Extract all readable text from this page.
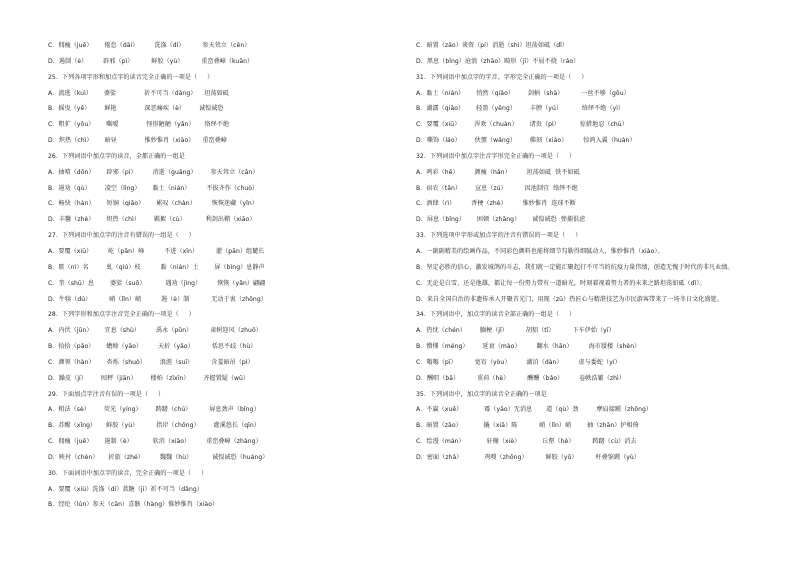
C．佣瘦（juē）      倦怠（dài）        洗涤（dí）         参天耸立（cēn）
D．遏制（è）        辟邪（pì）         鲜胶（yù）         重峦叠嶂（kuān）
25．下列各项字形和加点字的读音完全正确的一项是（     ）
A．流逃（kuì）      婆娑              祈不可当（dǎng）    坦荡如砥
B．摇曳（yē）       鲜艳              深恶痛疾（è）       诚惶诚恐
C．粗犷（yǒu）      嘶嗳              怪形陋陋（yǎn）     络绎不绝
D．炽热（chì）      暗昼              惟妙惟肖（xiào）    重峦叠嶂
26．下列词语中加点字的读音，全都正确的一组是
A．抽噎（dōn）      辟邪（pì）        消逝（guāng）       参天耸立（cān）
B．遏劝（qù）       凌空（lìng）      黏土（nián）        不拔齐作（chuò）
C．畅快（hàn）      短铜（qiāo）      累叹（chàn）        恢恢迷藏（yǐn）
D．丰馨（zhè）      炽热（chì）       羁絮（cù）          利剑出鞘（xiāo）
27．下列词语中加点字的注音有错误的一组是（     ）
A．要覆（xiū）        屹（pān）峰          不进（xīn）         灌（pān）组麓长
B．匿（nì）名         虬（qiú）枝          黏（nián）土        屏（bìng）息静声
C．奎（shū）息        婆娑（suō）          遇劝（jìng）        恢恢（yǎn）翩翩
D．牛犊（dú）         峭（lǐn）峭          遏（è）制           无动于衷（zhōng）
28．下列字形和加点字注音完全正确的一项是（     ）
A．内伏（jūn）      宜息（shù）        禹永（pǔn）         肃树迎风（zhuō）
B．拾拾（pǎo）      蟾蜍（yǎo）        天折（yǎo）         恬思不歧（hù）
C．颜领（hàn）      杏烁（shuò）       浪涯（suī）         含羞暗吊（pì）
D．躁皮（jí）       囤秤（jiān）       楼柏（zǐxīn）       齐握置疑（wū）
29．下面加点字注音有误的一项是（     ）
A．租法（sè）       荧光（yíng）       踌躇（chú）         屏息劲声（bǐng）
B．苏醒（xǐng）     鲜胶（yù）         指岸（chōng）       灌溪悠长（qīn）
C．佣瘦（juē）      遏制（è）          软消（xiāo）        重峦叠嶂（zhàng）
D．映衬（chèn）     折旅（zhé）        魏魏（hù）          诚惶诚恐（huáng）
30．下面词语中加点字的读音，完全正确的一项是（     ）
A．要覆（xiù）洗涤（dí）款糖（jì）祈不可当（dǎng）
B．经纶（lún）参天（cān）喜骸（hàng）惟妙惟肖（xiào）
C．暗置（zāo）谈资（pí）消逝（shì）坦荡如砥（dǐ）
D．黑息（bǐng）沧浪（zhāo）畸形（jī）不屈不挠（ráo）
31．下列词语中加点字的字音、字形完全正确的一项是（     ）
A．黏土（nián）      悄然（qiǎo）       剑柄（shā）         一丝不够（gōu）
B．湖濡（qiǎo）      轻盈（yēng）       丰腴（yú）          络绎不绝（yì）
C．要覆（xiū）       浑欢（chuàn）      诸贵（pì）          惊措地忍（chù）
D．嘶饰（láo）       伙惯（wǎng）       佛刻（xiào）        惊鸿入翼（huàn）
32．下列词语中加点字注音字形完全正确的一项是（     ）
A．鸣彩（hē）        颜瘦（hǎn）        坦荡如砥  铁不如砥
B．宿农（tǎn）       宣息（zú）         因池制宜  络绎不绝
C．酒肆（rì）        香梗（zhè）        惟妙惟肖  连球不断
D．屏息（bǐng）      困顿（zhāng）      诚惶诚恐  弹捕俱虑
33．下列选项中字形或加点字的注音有错误的一项是（     ）
A．一副副精美的绘画作品，不同彩色颜料也能将细节勾勒得细腻动人，惟妙惟肖（xiào）。
B．坚定必胜的信心，激发城鸽的斗志，我们就一定能汇聚起打不可当的抗疫力量伟绩，创造无愧于时代的非凡业绩。
C．无论是白雪，还是他雄，都让每一份努力带有一道暗光，时刻着视着努力者的未来之路坦荡如砥（dǐ）。
D．来自全国自治的非遗传承人开聚首光门，用现（zū）热匠心与精湛技艺为市民游客带来了一场冬日文化盛筵。
34．下列词语中，加点字的读音全部正确的一组是（     ）
A．热忱（chén）       腼梗（jǐ）         胡貂（tī）         下车伊始（yī）
B．懵懂（méng）       延衰（mào）        翻水（hān）        海市蜃楼（shèn）
C．嗡嗡（pī）         宽宥（yòu）        湖泊（dàn）        虚与委蛇（yí）
D．酬唱（bā）         重荷（hè）         酬酬（bǎo）        卷帙浩繁（zhì）
35．下列词语中，加点字的读音全正确的一项是
A．不赢（xuē）           霉（yāo）无消息       道（qù）劲         摩肩接踵（zhōng）
B．暗置（zāo）           撬（xiā）陈           峭（lǐn）峭        抽（zhān）护相倚
C．绘漫（mán）           轩榭（xiè）           丘壑（hè）         踌躇（cù）消去
D．密面（zhā）           鸡嗖（zhōng）         鲜胶（yǔ）         杆叠鉴踵（yù）
